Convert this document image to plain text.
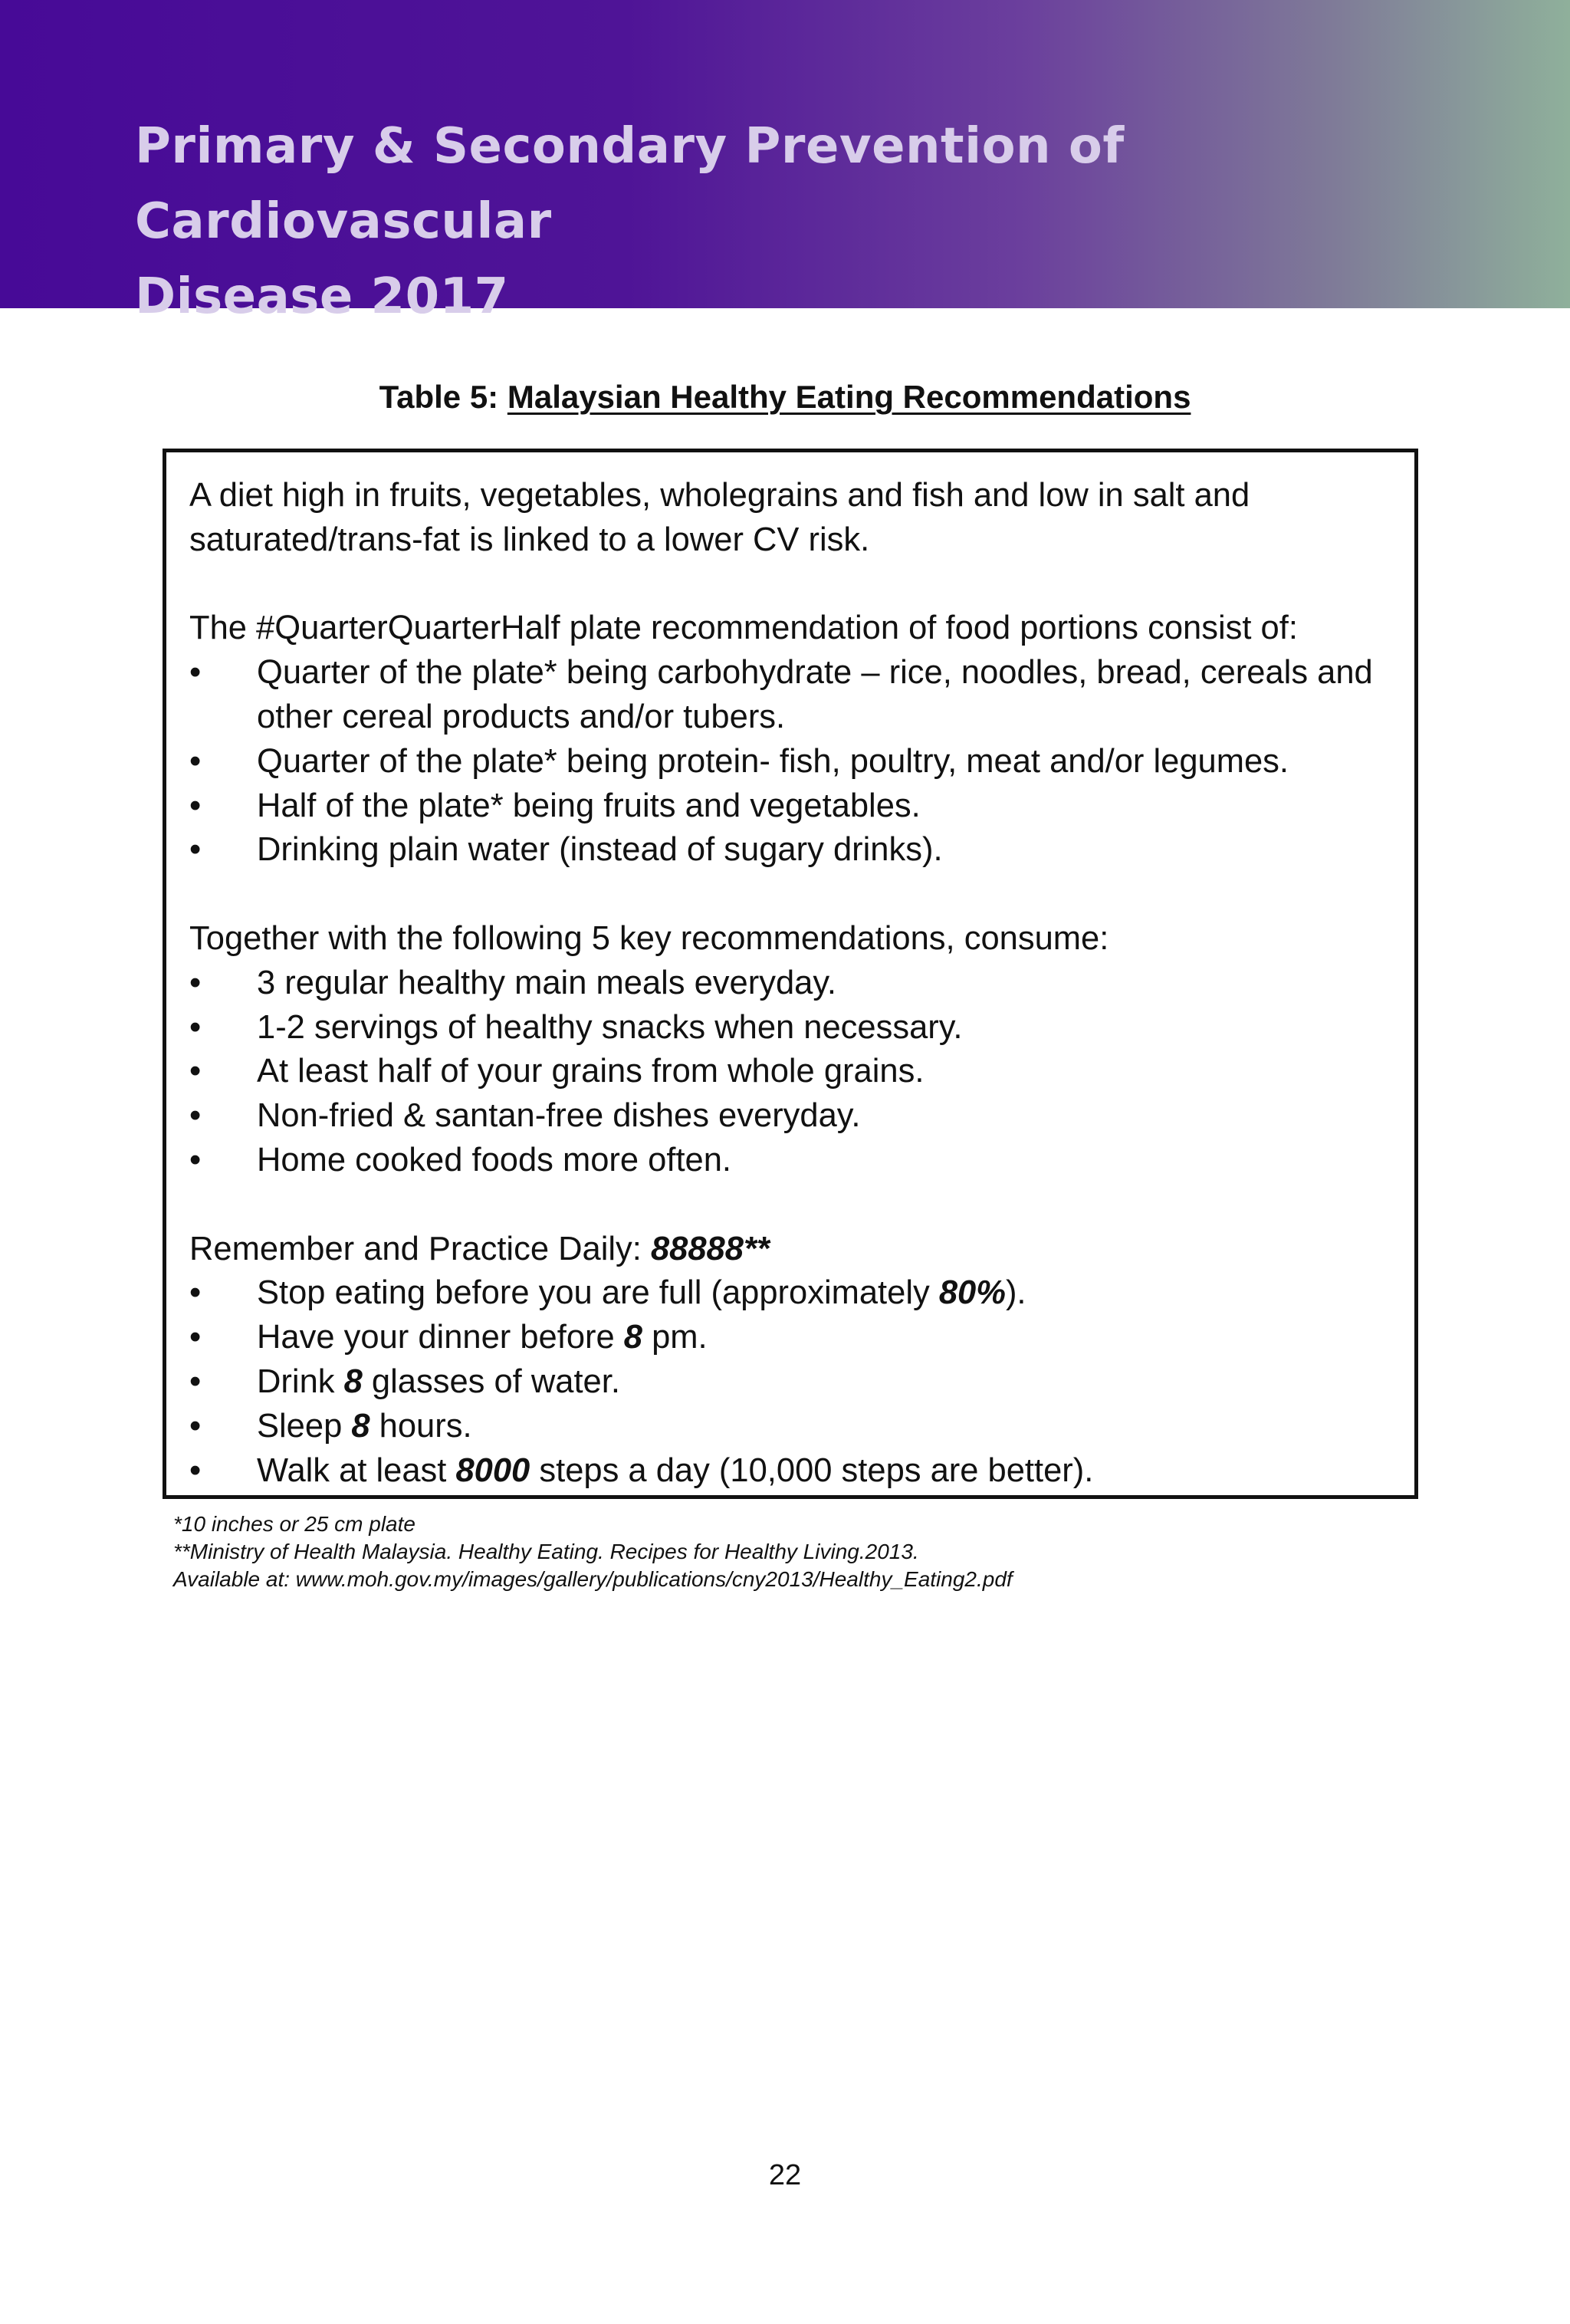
Primary & Secondary Prevention of Cardiovascular
Disease 2017
Table 5: Malaysian Healthy Eating Recommendations

A diet high in fruits, vegetables, wholegrains and fish and low in salt and saturated/trans-fat is linked to a lower CV risk.

The #QuarterQuarterHalf plate recommendation of food portions consist of:

• Quarter of the plate* being carbohydrate – rice, noodles, bread, cereals and other cereal products and/or tubers.
• Quarter of the plate* being protein- fish, poultry, meat and/or legumes.
• Half of the plate* being fruits and vegetables.
• Drinking plain water (instead of sugary drinks).

Together with the following 5 key recommendations, consume:

• 3 regular healthy main meals everyday.
• 1-2 servings of healthy snacks when necessary.
• At least half of your grains from whole grains.
• Non-fried & santan-free dishes everyday.
• Home cooked foods more often.

Remember and Practice Daily: 88888**

• Stop eating before you are full (approximately 80%).
• Have your dinner before 8 pm.
• Drink 8 glasses of water.
• Sleep 8 hours.
• Walk at least 8000 steps a day (10,000 steps are better).

*10 inches or 25 cm plate

**Ministry of Health Malaysia. Healthy Eating. Recipes for Healthy Living.2013.

Available at: www.moh.gov.my/images/gallery/publications/cny2013/Healthy_Eating2.pdf

22
